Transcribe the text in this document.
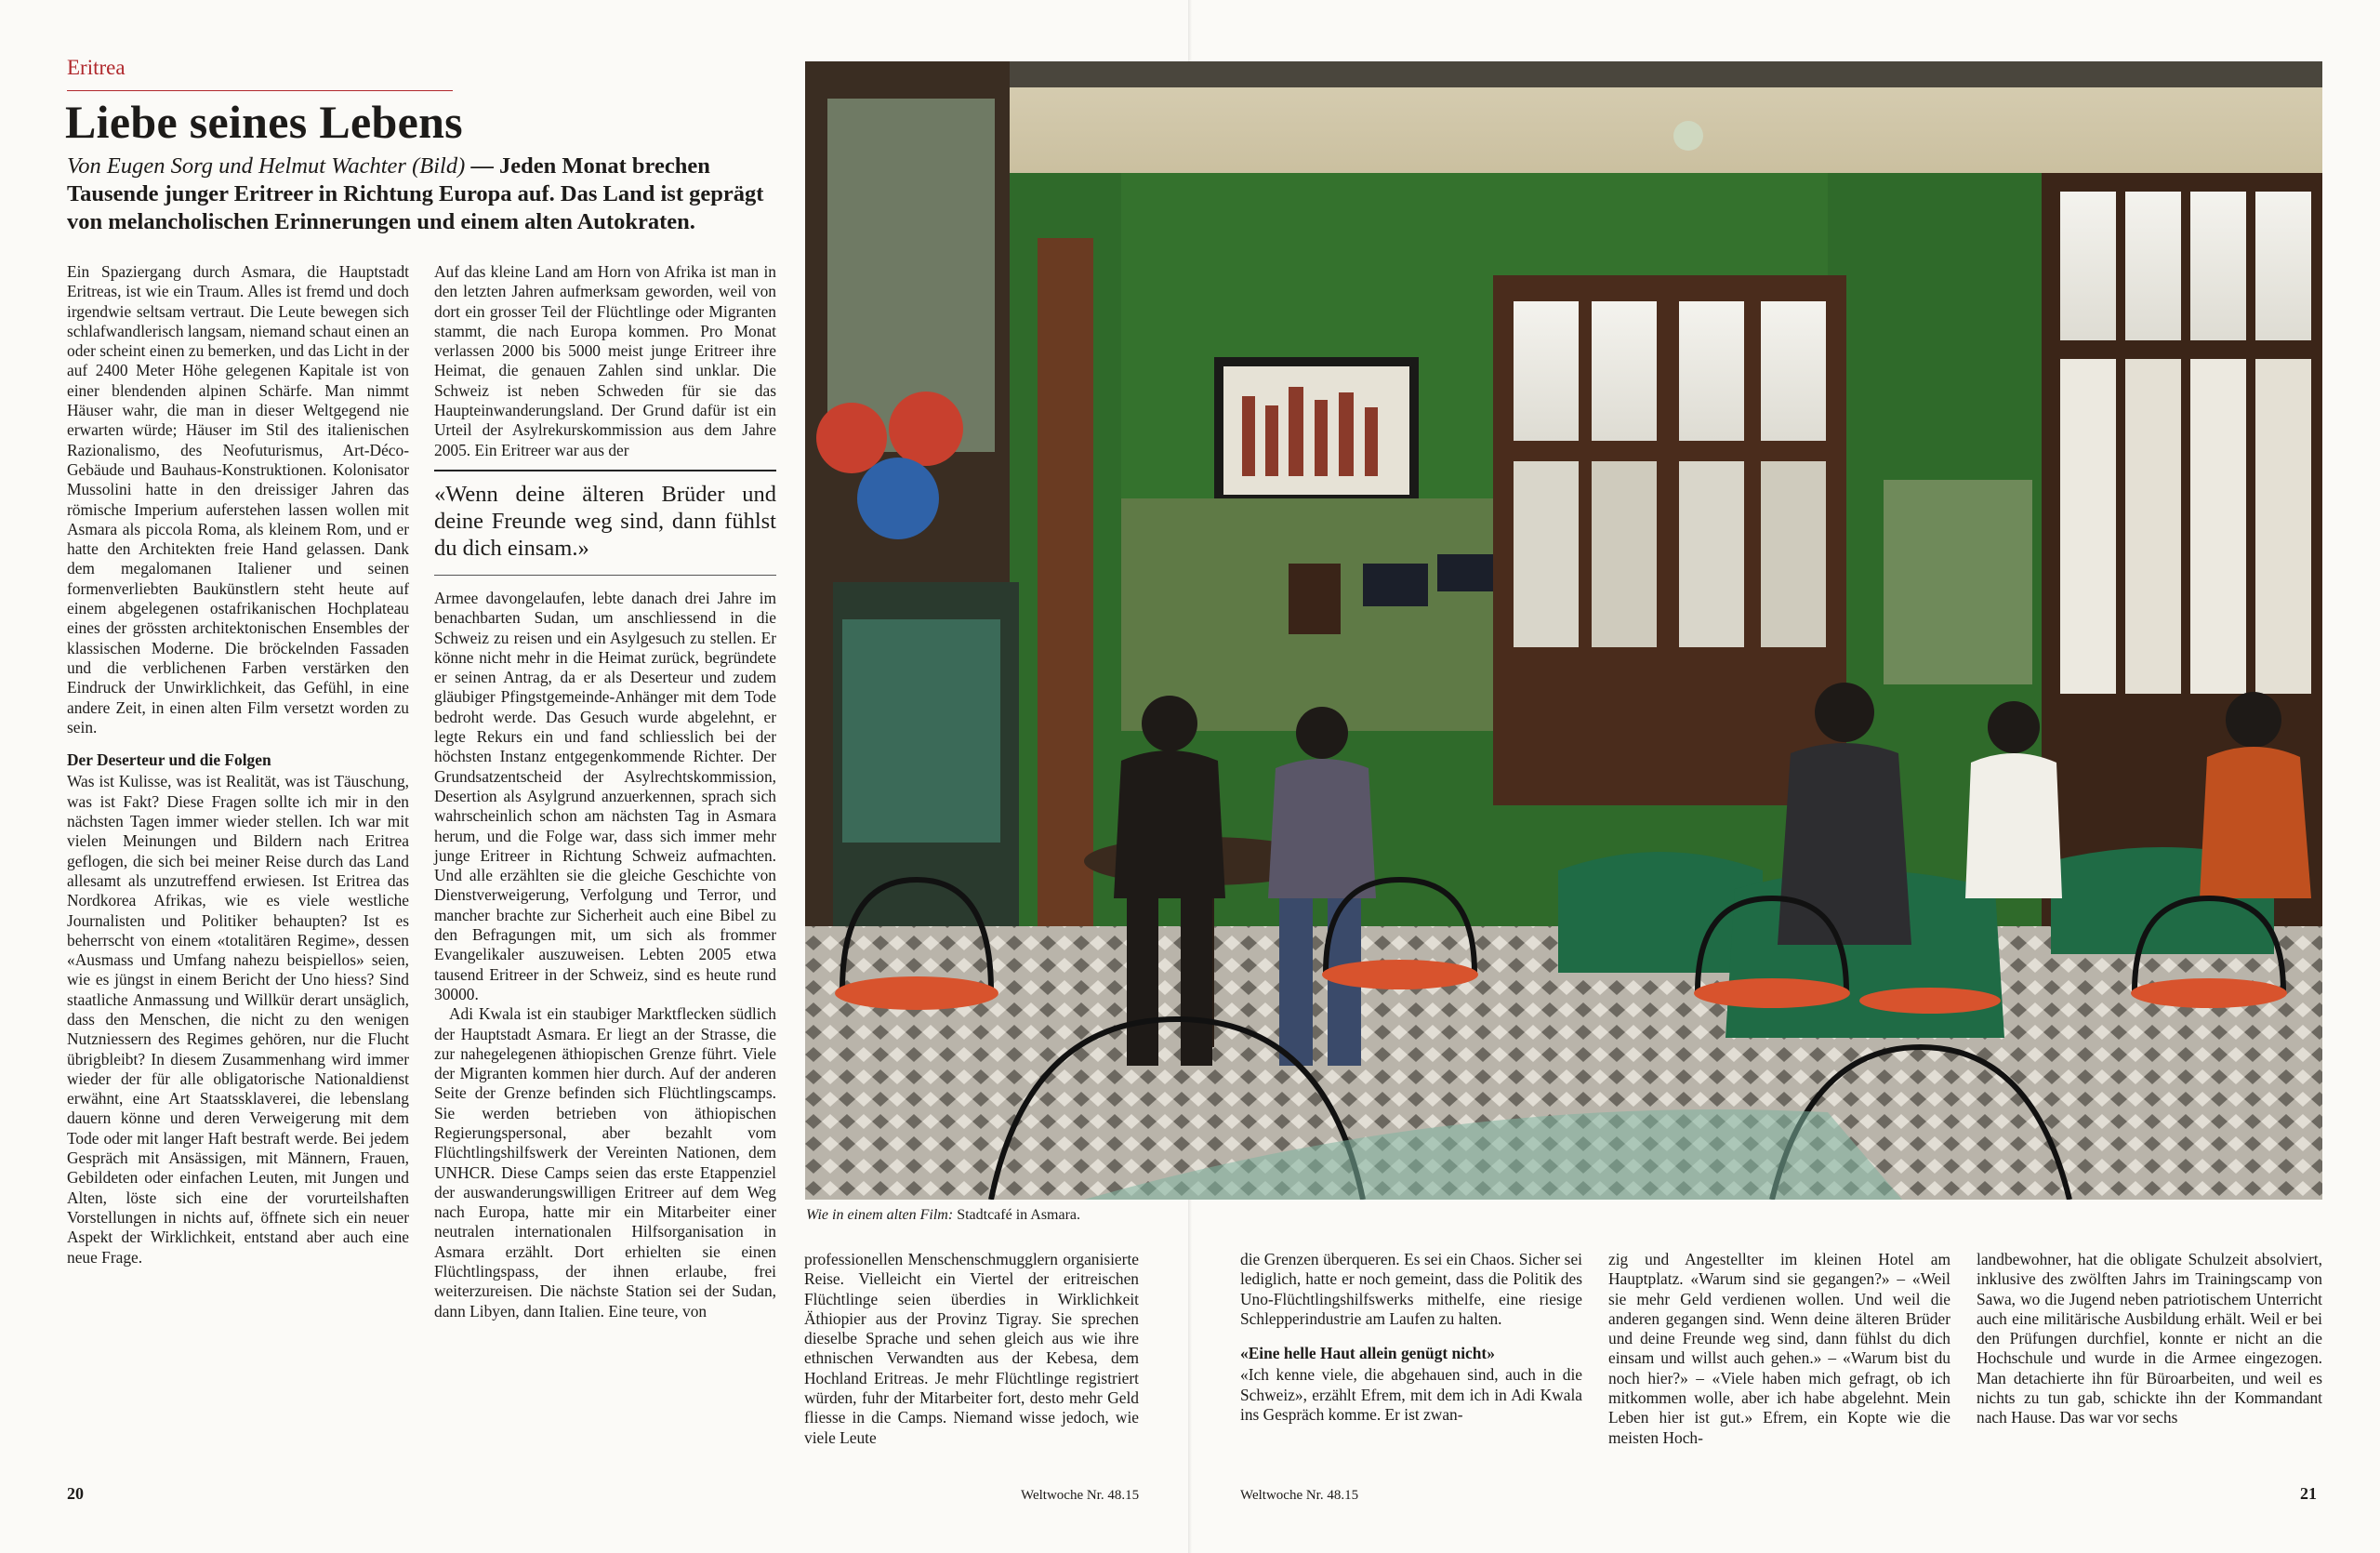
Eritrea
Liebe seines Lebens
Von Eugen Sorg und Helmut Wachter (Bild) — Jeden Monat brechen Tausende junger Eritreer in Richtung Europa auf. Das Land ist geprägt von melancholischen Erinnerungen und einem alten Autokraten.

Ein Spaziergang durch Asmara, die Hauptstadt Eritreas, ist wie ein Traum. Alles ist fremd und doch irgendwie seltsam vertraut. Die Leute bewegen sich schlafwandlerisch langsam, niemand schaut einen an oder scheint einen zu bemerken, und das Licht in der auf 2400 Meter Höhe gelegenen Kapitale ist von einer blendenden alpinen Schärfe. Man nimmt Häuser wahr, die man in dieser Weltgegend nie erwarten würde; Häuser im Stil des italienischen Razionalismo, des Neofuturismus, Art-Déco-Gebäude und Bauhaus-Konstruktionen. Kolonisator Mussolini hatte in den dreissiger Jahren das römische Imperium auferstehen lassen wollen mit Asmara als piccola Roma, als kleinem Rom, und er hatte den Architekten freie Hand gelassen. Dank dem megalomanen Italiener und seinen formenverliebten Baukünstlern steht heute auf einem abgelegenen ostafrikanischen Hochplateau eines der grössten architektonischen Ensembles der klassischen Moderne. Die bröckelnden Fassaden und die verblichenen Farben verstärken den Eindruck der Unwirklichkeit, das Gefühl, in eine andere Zeit, in einen alten Film versetzt worden zu sein.

Der Deserteur und die Folgen

Was ist Kulisse, was ist Realität, was ist Täuschung, was ist Fakt? Diese Fragen sollte ich mir in den nächsten Tagen immer wieder stellen. Ich war mit vielen Meinungen und Bildern nach Eritrea geflogen, die sich bei meiner Reise durch das Land allesamt als unzutreffend erwiesen. Ist Eritrea das Nordkorea Afrikas, wie es viele westliche Journalisten und Politiker behaupten? Ist es beherrscht von einem «totalitären Regime», dessen «Ausmass und Umfang nahezu beispiellos» seien, wie es jüngst in einem Bericht der Uno hiess? Sind staatliche Anmassung und Willkür derart unsäglich, dass den Menschen, die nicht zu den wenigen Nutzniessern des Regimes gehören, nur die Flucht übrigbleibt? In diesem Zusammenhang wird immer wieder der für alle obligatorische Nationaldienst erwähnt, eine Art Staatssklaverei, die lebenslang dauern könne und deren Verweigerung mit dem Tode oder mit langer Haft bestraft werde. Bei jedem Gespräch mit Ansässigen, mit Männern, Frauen, Gebildeten oder einfachen Leuten, mit Jungen und Alten, löste sich eine der vorurteilshaften Vorstellungen in nichts auf, öffnete sich ein neuer Aspekt der Wirklichkeit, entstand aber auch eine neue Frage.

Auf das kleine Land am Horn von Afrika ist man in den letzten Jahren aufmerksam geworden, weil von dort ein grosser Teil der Flüchtlinge oder Migranten stammt, die nach Europa kommen. Pro Monat verlassen 2000 bis 5000 meist junge Eritreer ihre Heimat, die genauen Zahlen sind unklar. Die Schweiz ist neben Schweden für sie das Haupteinwanderungsland. Der Grund dafür ist ein Urteil der Asylrekurskommission aus dem Jahre 2005. Ein Eritreer war aus der

«Wenn deine älteren Brüder und deine Freunde weg sind, dann fühlst du dich einsam.»

Armee davongelaufen, lebte danach drei Jahre im benachbarten Sudan, um anschliessend in die Schweiz zu reisen und ein Asylgesuch zu stellen. Er könne nicht mehr in die Heimat zurück, begründete er seinen Antrag, da er als Deserteur und zudem gläubiger Pfingstgemeinde-Anhänger mit dem Tode bedroht werde. Das Gesuch wurde abgelehnt, er legte Rekurs ein und fand schliesslich bei der höchsten Instanz entgegenkommende Richter. Der Grundsatzentscheid der Asylrechtskommission, Desertion als Asylgrund anzuerkennen, sprach sich wahrscheinlich schon am nächsten Tag in Asmara herum, und die Folge war, dass sich immer mehr junge Eritreer in Richtung Schweiz aufmachten. Und alle erzählten sie die gleiche Geschichte von Dienstverweigerung, Verfolgung und Terror, und mancher brachte zur Sicherheit auch eine Bibel zu den Befragungen mit, um sich als frommer Evangelikaler auszuweisen. Lebten 2005 etwa tausend Eritreer in der Schweiz, sind es heute rund 30000.

Adi Kwala ist ein staubiger Marktflecken südlich der Hauptstadt Asmara. Er liegt an der Strasse, die zur nahegelegenen äthiopischen Grenze führt. Viele der Migranten kommen hier durch. Auf der anderen Seite der Grenze befinden sich Flüchtlingscamps. Sie werden betrieben von äthiopischen Regierungspersonal, aber bezahlt vom Flüchtlingshilfswerk der Vereinten Nationen, dem UNHCR. Diese Camps seien das erste Etappenziel der auswanderungswilligen Eritreer auf dem Weg nach Europa, hatte mir ein Mitarbeiter einer neutralen internationalen Hilfsorganisation in Asmara erzählt. Dort erhielten sie einen Flüchtlingspass, der ihnen erlaube, frei weiterzureisen. Die nächste Station sei der Sudan, dann Libyen, dann Italien. Eine teure, von

Wie in einem alten Film: Stadtcafé in Asmara.

professionellen Menschenschmugglern organisierte Reise. Vielleicht ein Viertel der eritreischen Flüchtlinge seien überdies in Wirklichkeit Äthiopier aus der Provinz Tigray. Sie sprechen dieselbe Sprache und sehen gleich aus wie ihre ethnischen Verwandten aus der Kebesa, dem Hochland Eritreas. Je mehr Flüchtlinge registriert würden, fuhr der Mitarbeiter fort, desto mehr Geld fliesse in die Camps. Niemand wisse jedoch, wie viele Leute

die Grenzen überqueren. Es sei ein Chaos. Sicher sei lediglich, hatte er noch gemeint, dass die Politik des Uno-Flüchtlingshilfswerks mithelfe, eine riesige Schlepperindustrie am Laufen zu halten.

«Eine helle Haut allein genügt nicht»

«Ich kenne viele, die abgehauen sind, auch in die Schweiz», erzählt Efrem, mit dem ich in Adi Kwala ins Gespräch komme. Er ist zwan-

zig und Angestellter im kleinen Hotel am Hauptplatz. «Warum sind sie gegangen?» – «Weil sie mehr Geld verdienen wollen. Und weil die anderen gegangen sind. Wenn deine älteren Brüder und deine Freunde weg sind, dann fühlst du dich einsam und willst auch gehen.» – «Warum bist du noch hier?» – «Viele haben mich gefragt, ob ich mitkommen wolle, aber ich habe abgelehnt. Mein Leben hier ist gut.» Efrem, ein Kopte wie die meisten Hoch-

landbewohner, hat die obligate Schulzeit absolviert, inklusive des zwölften Jahrs im Trainingscamp von Sawa, wo die Jugend neben patriotischem Unterricht auch eine militärische Ausbildung erhält. Weil er bei den Prüfungen durchfiel, konnte er nicht an die Hochschule und wurde in die Armee eingezogen. Man detachierte ihn für Büroarbeiten, und weil es nichts zu tun gab, schickte ihn der Kommandant nach Hause. Das war vor sechs

20	Weltwoche Nr. 48.15	Weltwoche Nr. 48.15	21
